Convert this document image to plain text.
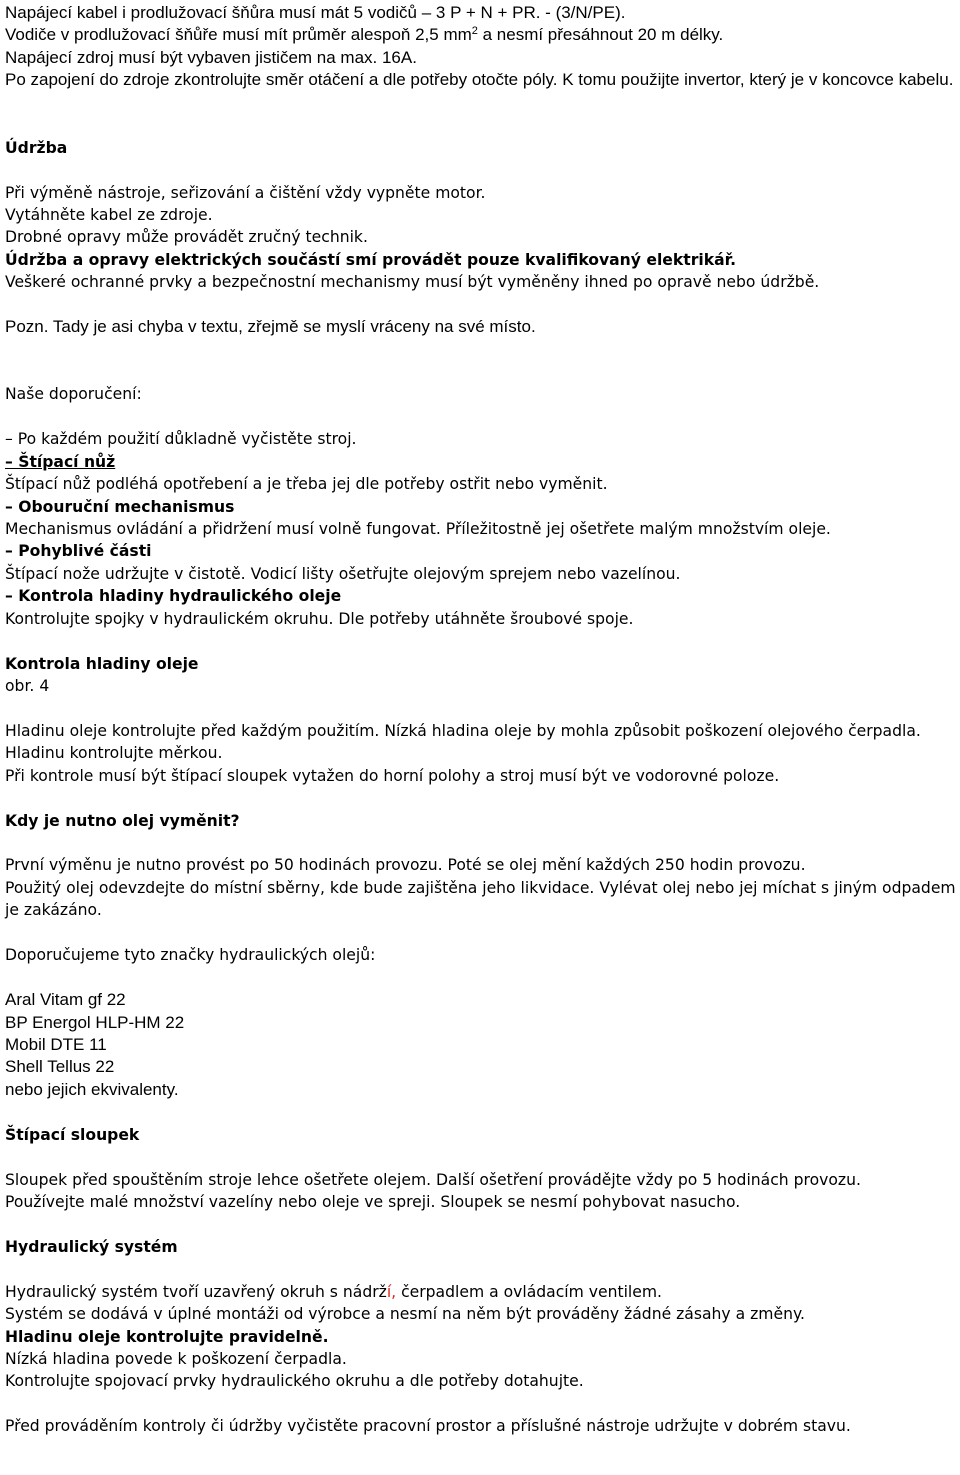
Napájecí kabel i prodlužovací šňůra musí mát 5 vodičů – 3 P + N + PR. - (3/N/PE).
Vodiče v prodlužovací šňůře musí mít průměr alespoň 2,5 $mm^2$ a nesmí přesáhnout 20 m délky.
Napájecí zdroj musí být vybaven jističem na max. 16A.
Po zapojení do zdroje zkontrolujte směr otáčení a dle potřeby otočte póly. K tomu použijte invertor, který je v koncovce kabelu.
Údržba
Při výměně nástroje, seřizování a čištění vždy vypněte motor.
Vytáhněte kabel ze zdroje.
Drobné opravy může provádět zručný technik.
Údržba a opravy elektrických součástí smí provádět pouze kvalifikovaný elektrikář.
Veškeré ochranné prvky a bezpečnostní mechanismy musí být vyměněny ihned po opravě nebo údržbě.
Pozn. Tady je asi chyba v textu, zřejmě se myslí vráceny na své místo.
Naše doporučení:
– Po každém použití důkladně vyčistěte stroj.
– Štípací nůž
Štípací nůž podléhá opotřebení a je třeba jej dle potřeby ostřit nebo vyměnit.
– Obouruční mechanismus
Mechanismus ovládání a přidržení musí volně fungovat. Příležitostně jej ošetřete malým množstvím oleje.
– Pohyblivé části
Štípací nože udržujte v čistotě. Vodicí lišty ošetřujte olejovým sprejem nebo vazelínou.
– Kontrola hladiny hydraulického oleje
Kontrolujte spojky v hydraulickém okruhu. Dle potřeby utáhněte šroubové spoje.
Kontrola hladiny oleje
obr. 4
Hladinu oleje kontrolujte před každým použitím. Nízká hladina oleje by mohla způsobit poškození olejového čerpadla. Hladinu kontrolujte měrkou.
Při kontrole musí být štípací sloupek vytažen do horní polohy a stroj musí být ve vodorovné poloze.
Kdy je nutno olej vyměnit?
První výměnu je nutno provést po 50 hodinách provozu. Poté se olej mění každých 250 hodin provozu.
Použitý olej odevzdejte do místní sběrny, kde bude zajištěna jeho likvidace. Vylévat olej nebo jej míchat s jiným odpadem je zakázáno.
Doporučujeme tyto značky hydraulických olejů:
Aral Vitam gf 22
BP Energol HLP-HM 22
Mobil DTE 11
Shell Tellus 22
nebo jejich ekvivalenty.
Štípací sloupek
Sloupek před spouštěním stroje lehce ošetřete olejem. Další ošetření provádějte vždy po 5 hodinách provozu.
Používejte malé množství vazelíny nebo oleje ve spreji. Sloupek se nesmí pohybovat nasucho.
Hydraulický systém
Hydraulický systém tvoří uzavřený okruh s nádrží, čerpadlem a ovládacím ventilem.
Systém se dodává v úplné montáži od výrobce a nesmí na něm být prováděny žádné zásahy a změny.
Hladinu oleje kontrolujte pravidelně.
Nízká hladina povede k poškození čerpadla.
Kontrolujte spojovací prvky hydraulického okruhu a dle potřeby dotahujte.
Před prováděním kontroly či údržby vyčistěte pracovní prostor a příslušné nástroje udržujte v dobrém stavu.
